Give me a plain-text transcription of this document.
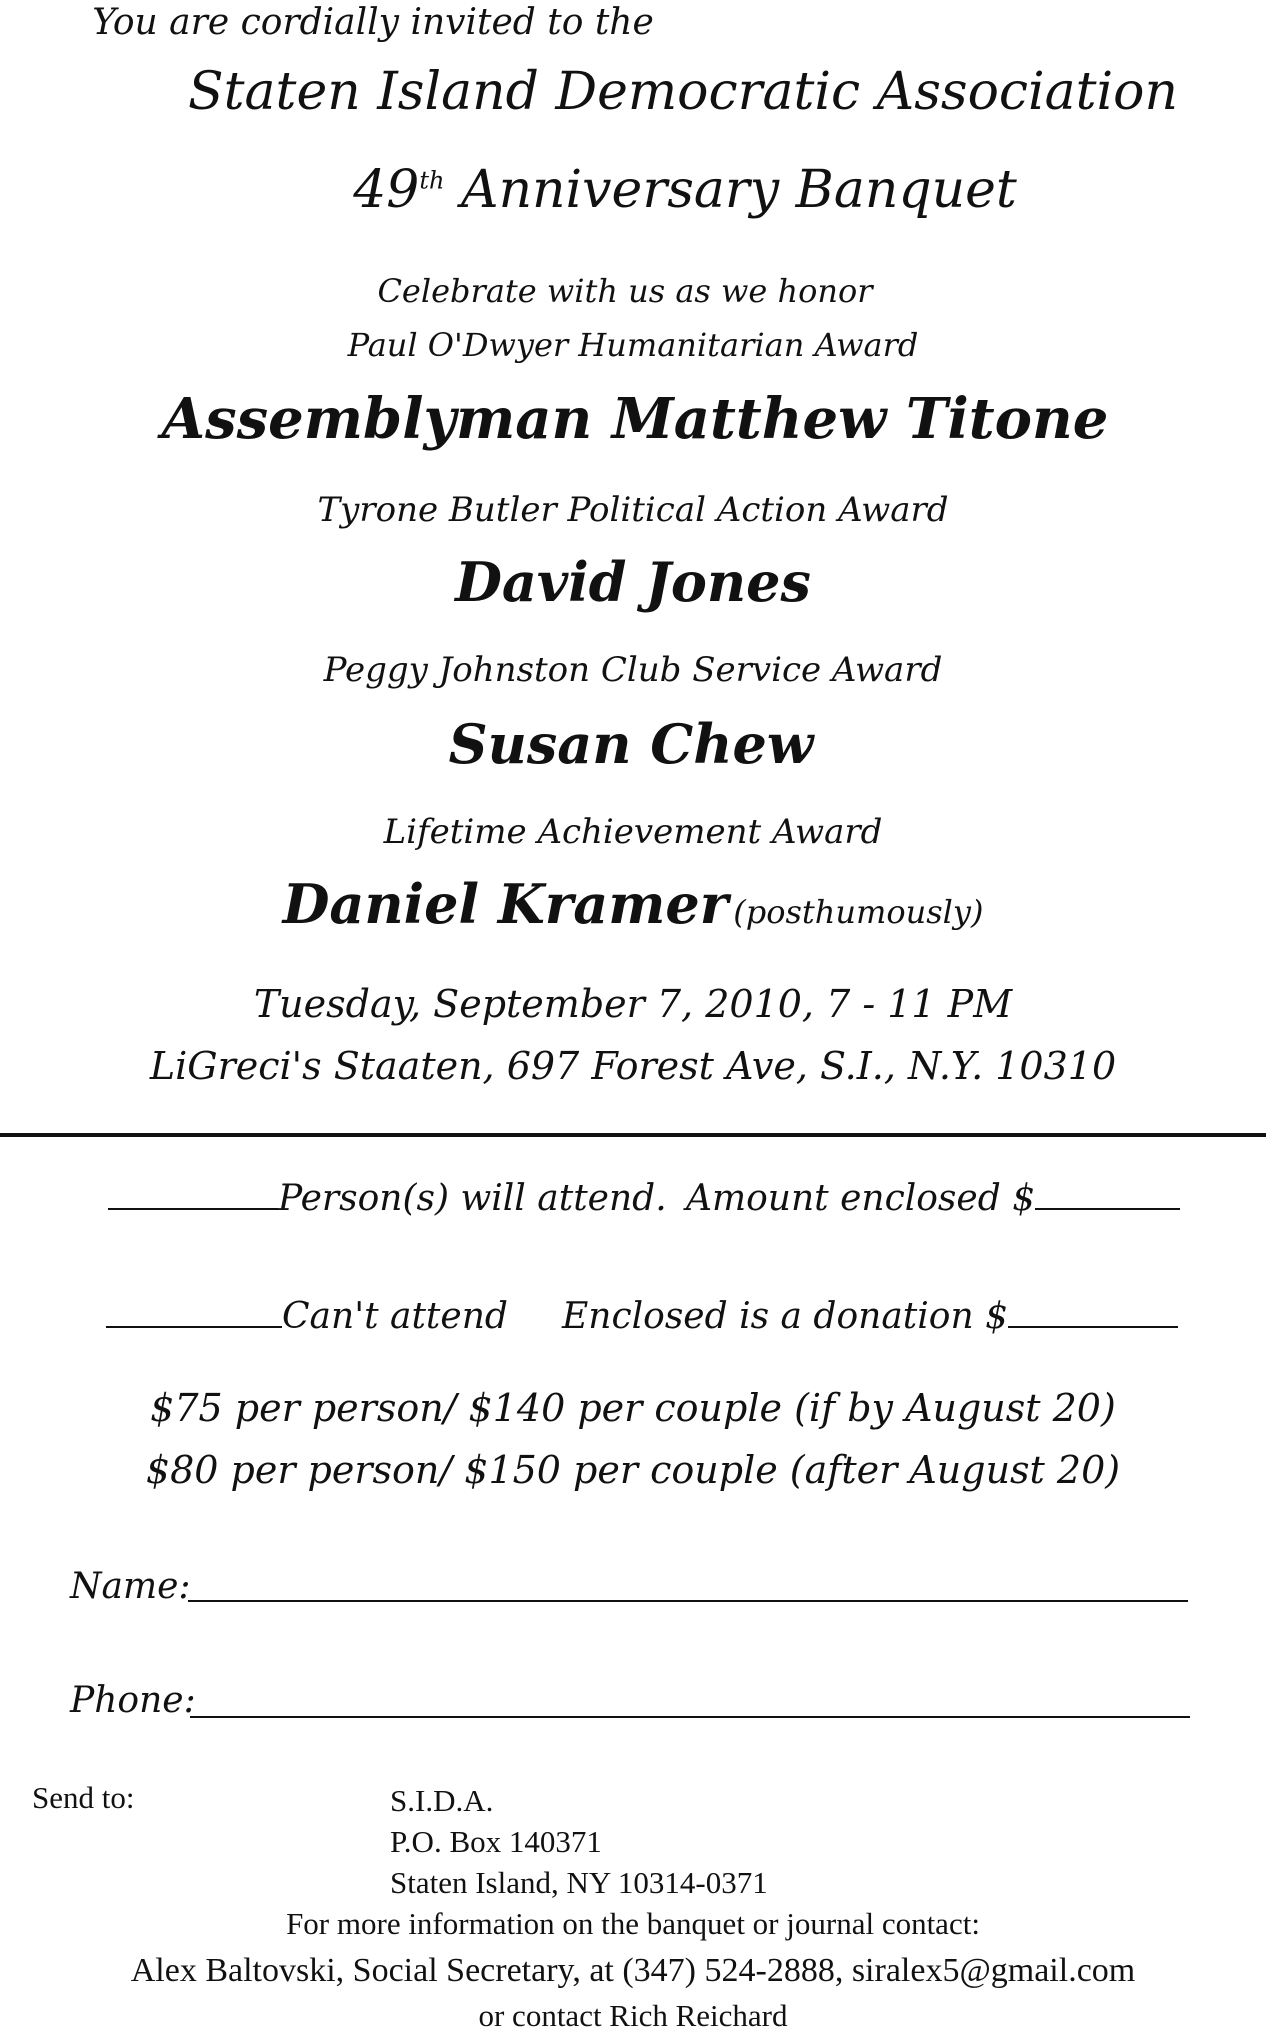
You are cordially invited to the
Staten Island Democratic Association
49th Anniversary Banquet
Celebrate with us as we honor
Paul O'Dwyer Humanitarian Award
Assemblyman Matthew Titone
Tyrone Butler Political Action Award
David Jones
Peggy Johnston Club Service Award
Susan Chew
Lifetime Achievement Award
Daniel Kramer (posthumously)
Tuesday, September 7, 2010, 7 - 11 PM
LiGreci's Staaten, 697 Forest Ave, S.I., N.Y. 10310
Person(s) will attend. Amount enclosed $
Can't attend Enclosed is a donation $
$75 per person/ $140 per couple (if by August 20)
$80 per person/ $150 per couple (after August 20)
Name:
Phone:
Send to:	S.I.D.A.
P.O. Box 140371
Staten Island, NY 10314-0371
For more information on the banquet or journal contact:
Alex Baltovski, Social Secretary, at (347) 524-2888, siralex5@gmail.com
or contact Rich Reichard
